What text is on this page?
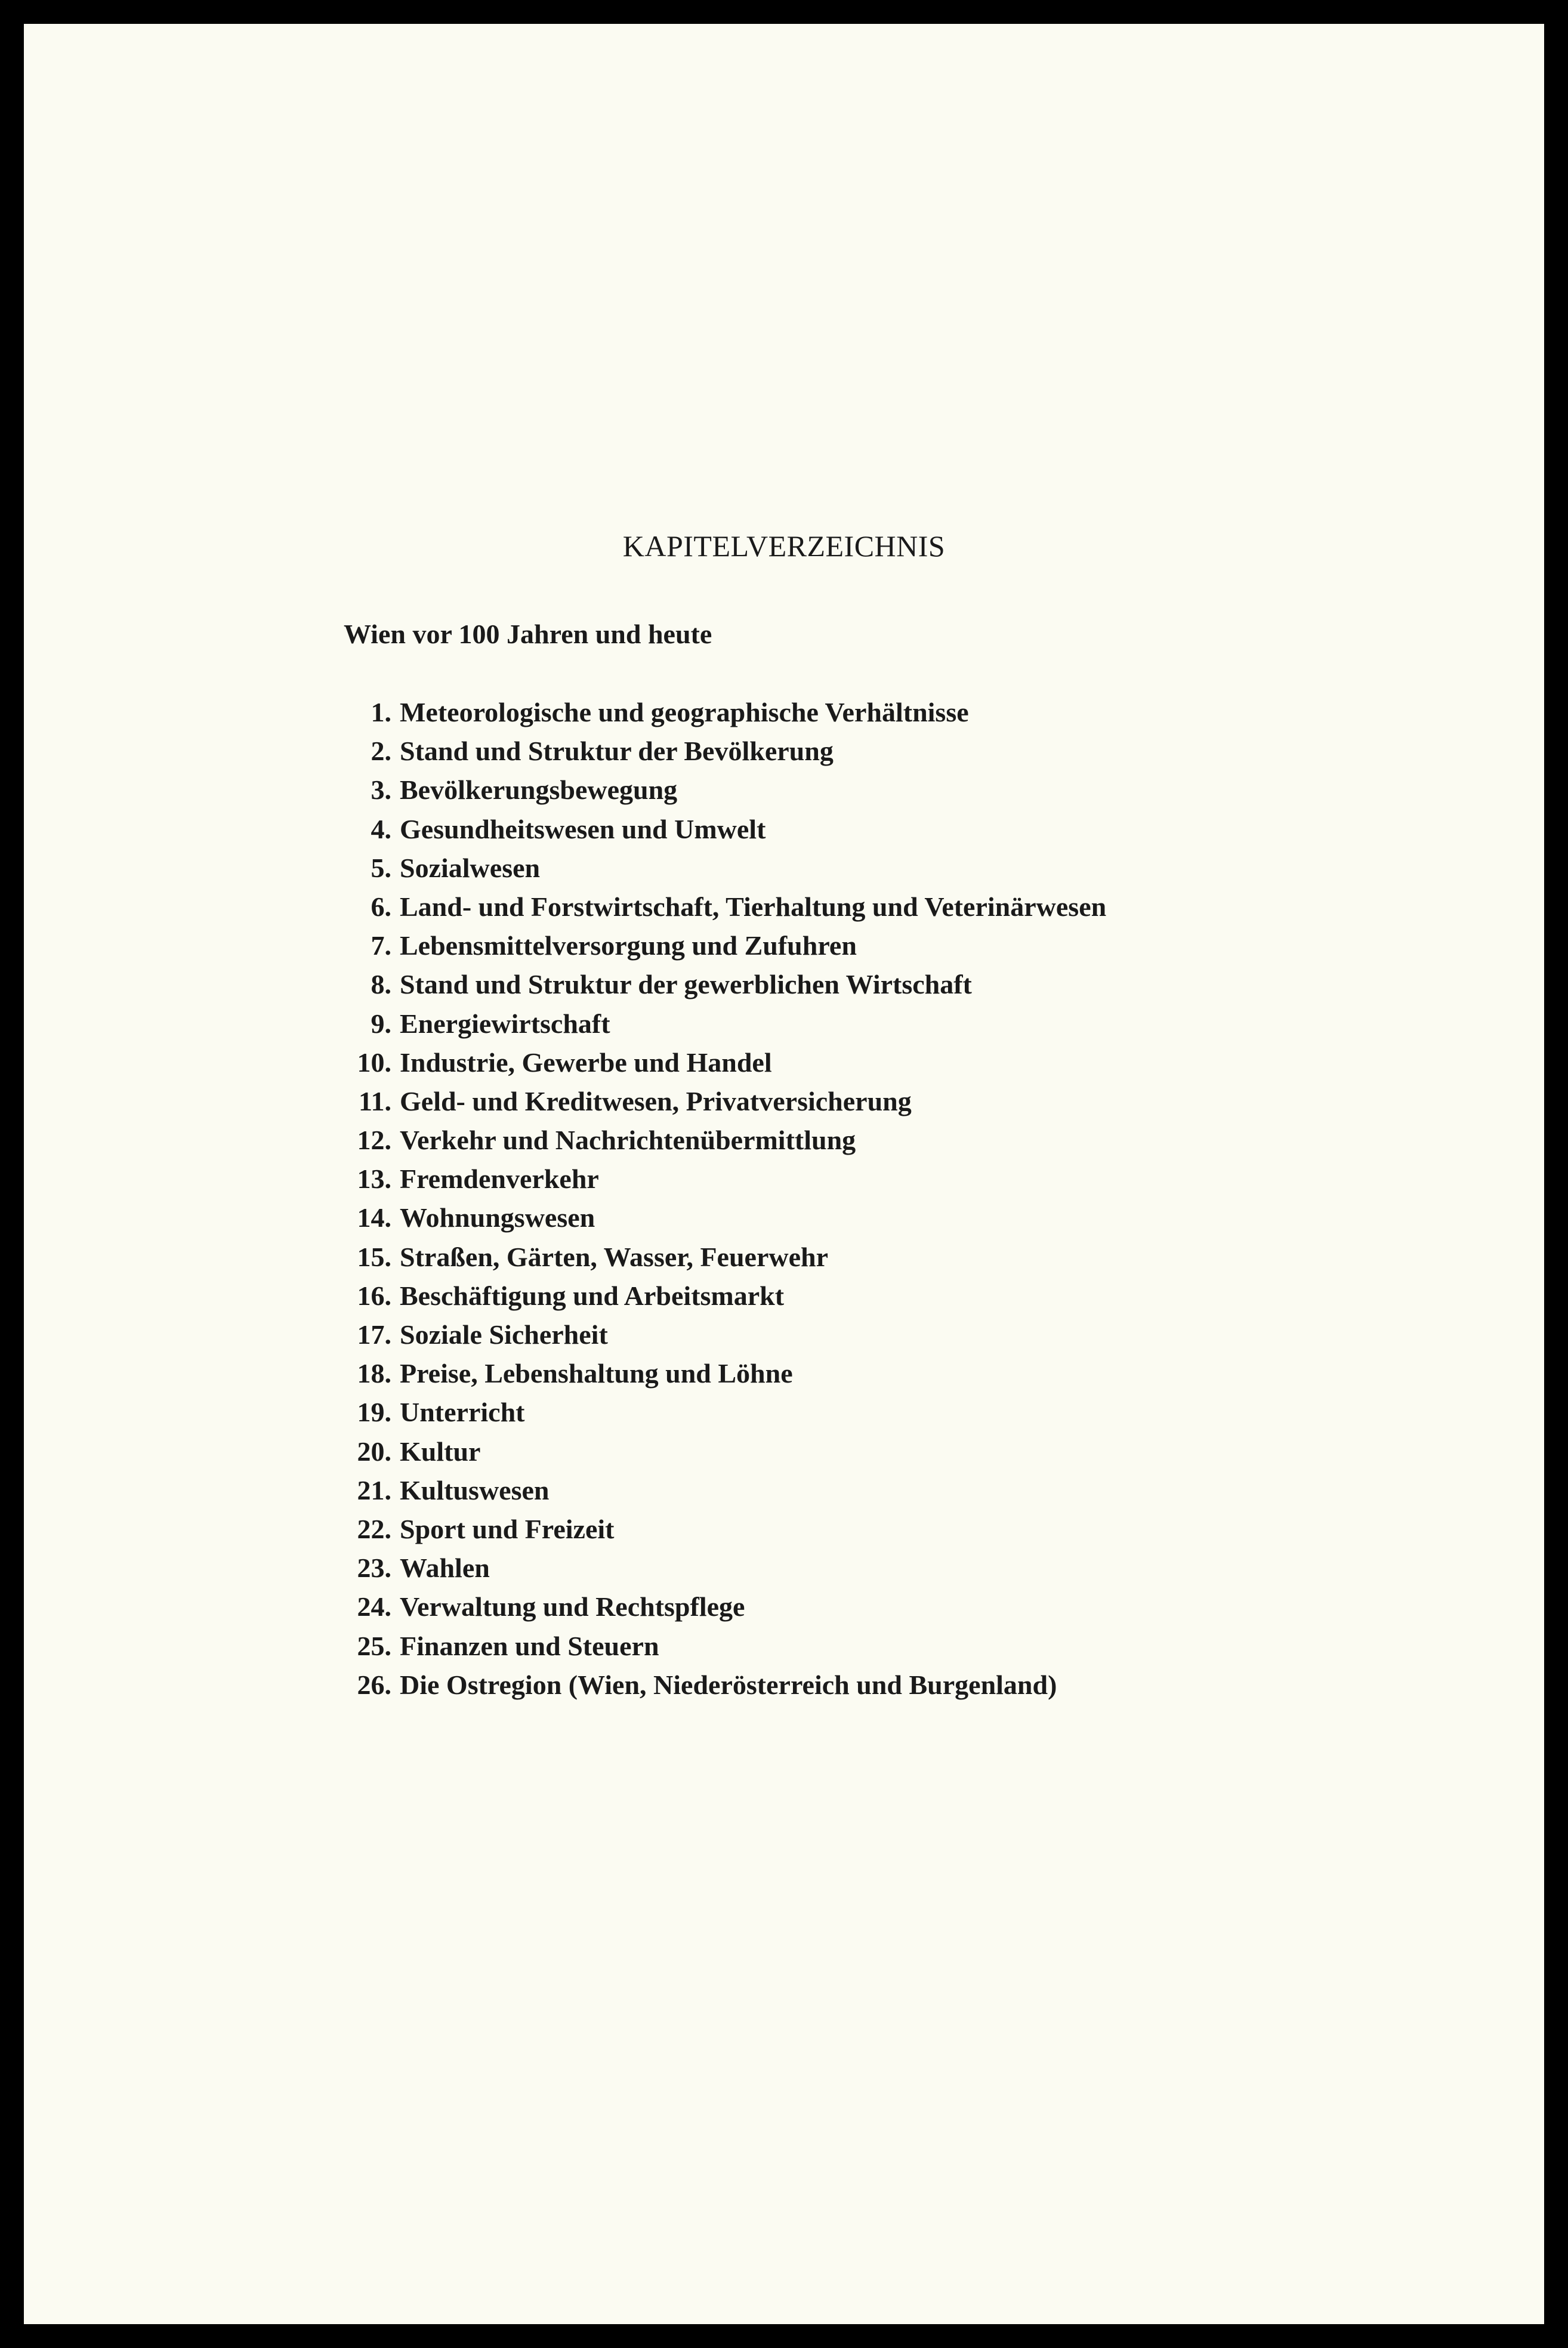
KAPITELVERZEICHNIS
Wien vor 100 Jahren und heute
1. Meteorologische und geographische Verhältnisse
2. Stand und Struktur der Bevölkerung
3. Bevölkerungsbewegung
4. Gesundheitswesen und Umwelt
5. Sozialwesen
6. Land- und Forstwirtschaft, Tierhaltung und Veterinärwesen
7. Lebensmittelversorgung und Zufuhren
8. Stand und Struktur der gewerblichen Wirtschaft
9. Energiewirtschaft
10. Industrie, Gewerbe und Handel
11. Geld- und Kreditwesen, Privatversicherung
12. Verkehr und Nachrichtenübermittlung
13. Fremdenverkehr
14. Wohnungswesen
15. Straßen, Gärten, Wasser, Feuerwehr
16. Beschäftigung und Arbeitsmarkt
17. Soziale Sicherheit
18. Preise, Lebenshaltung und Löhne
19. Unterricht
20. Kultur
21. Kultuswesen
22. Sport und Freizeit
23. Wahlen
24. Verwaltung und Rechtspflege
25. Finanzen und Steuern
26. Die Ostregion (Wien, Niederösterreich und Burgenland)
